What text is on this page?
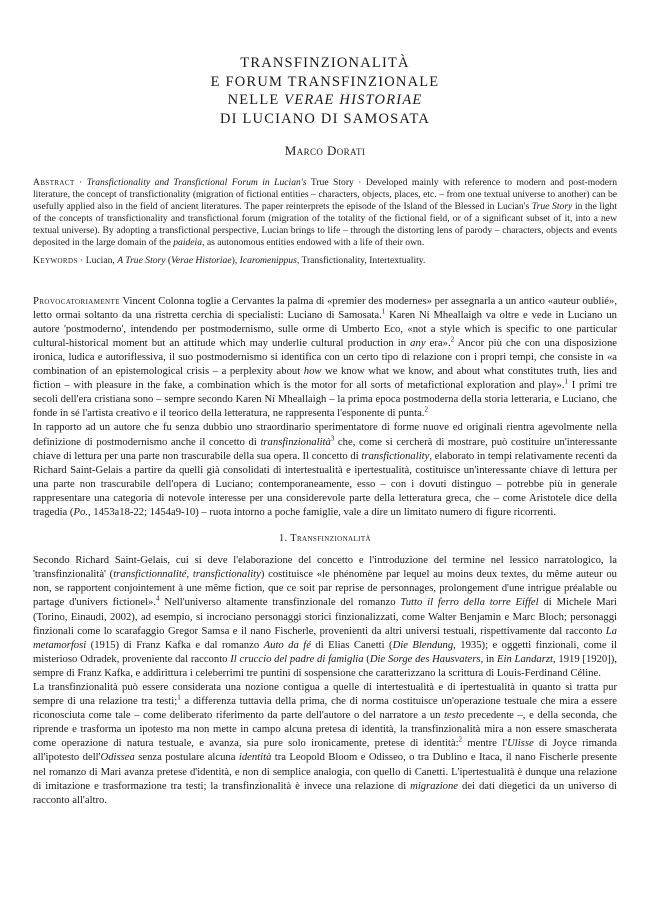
TRANSFINZIONALITÀ
E FORUM TRANSFINZIONALE
NELLE VERAE HISTORIAE
DI LUCIANO DI SAMOSATA
Marco Dorati
Abstract · Transfictionality and Transfictional Forum in Lucian's True Story · Developed mainly with reference to modern and post-modern literature, the concept of transfictionality (migration of fictional entities – characters, objects, places, etc. – from one textual universe to another) can be usefully applied also in the field of ancient literatures. The paper reinterprets the episode of the Island of the Blessed in Lucian's True Story in the light of the concepts of transfictionality and transfictional forum (migration of the totality of the fictional field, or of a significant subset of it, into a new textual universe). By adopting a transfictional perspective, Lucian brings to life – through the distorting lens of parody – characters, objects and events deposited in the large domain of the paideia, as autonomous entities endowed with a life of their own.
Keywords · Lucian, A True Story (Verae Historiae), Icaromenippus, Transfictionality, Intertextuality.

Provocatoriamente Vincent Colonna toglie a Cervantes la palma di «premier des modernes» per assegnarla a un antico «auteur oublié», letto ormai soltanto da una ristretta cerchia di specialisti: Luciano di Samosata.$^1$ Karen Ní Mheallaigh va oltre e vede in Luciano un autore 'postmoderno', intendendo per postmodernismo, sulle orme di Umberto Eco, «not a style which is specific to one particular cultural-historical moment but an attitude which may underlie cultural production in any era».$^2$ Ancor più che con una disposizione ironica, ludica e autoriflessiva, il suo postmodernismo si identifica con un certo tipo di relazione con i propri tempi, che consiste in «a combination of an epistemological crisis – a perplexity about how we know what we know, and about what constitutes truth, lies and fiction – with pleasure in the fake, a combination which is the motor for all sorts of metafictional exploration and play».$^1$ I primi tre secoli dell'era cristiana sono – sempre secondo Karen Ní Mheallaigh – la prima epoca postmoderna della storia letteraria, e Luciano, che fonde in sé l'artista creativo e il teorico della letteratura, ne rappresenta l'esponente di punta.$^2$

In rapporto ad un autore che fu senza dubbio uno straordinario sperimentatore di forme nuove ed originali rientra agevolmente nella definizione di postmodernismo anche il concetto di transfinzionalità$^3$ che, come si cercherà di mostrare, può costituire un'interessante chiave di lettura per una parte non trascurabile della sua opera. Il concetto di transfictionality, elaborato in tempi relativamente recenti da Richard Saint-Gelais a partire da quelli già consolidati di intertestualità e ipertestualità, costituisce un'interessante chiave di lettura per una parte non trascurabile dell'opera di Luciano; contemporaneamente, esso – con i dovuti distinguo – potrebbe più in generale rappresentare una categoria di notevole interesse per una considerevole parte della letteratura greca, che – come Aristotele dice della tragedia (Po., 1453a18-22; 1454a9-10) – ruota intorno a poche famiglie, vale a dire un limitato numero di figure ricorrenti.

1. Transfinzionalità

Secondo Richard Saint-Gelais, cui si deve l'elaborazione del concetto e l'introduzione del termine nel lessico narratologico, la 'transfinzionalità' (transfictionnalité, transfictionality) costituisce «le phénomène par lequel au moins deux textes, du même auteur ou non, se rapportent conjointement à une même fiction, que ce soit par reprise de personnages, prolongement d'une intrigue préalable ou partage d'univers fictionel».$^4$ Nell'universo altamente transfinzionale del romanzo Tutto il ferro della torre Eiffel di Michele Mari (Torino, Einaudi, 2002), ad esempio, si incrociano personaggi storici finzionalizzati, come Walter Benjamin e Marc Bloch; personaggi finzionali come lo scarafaggio Gregor Samsa e il nano Fischerle, provenienti da altri universi testuali, rispettivamente dal racconto La metamorfosi (1915) di Franz Kafka e dal romanzo Auto da fé di Elias Canetti (Die Blendung, 1935); e oggetti finzionali, come il misterioso Odradek, proveniente dal racconto Il cruccio del padre di famiglia (Die Sorge des Hausvaters, in Ein Landarzt, 1919 [1920]), sempre di Franz Kafka, e addirittura i celeberrimi tre puntini di sospensione che caratterizzano la scrittura di Louis-Ferdinand Céline.

La transfinzionalità può essere considerata una nozione contigua a quelle di intertestualità e di ipertestualità in quanto si tratta pur sempre di una relazione tra testi;$^1$ a differenza tuttavia della prima, che di norma costituisce un'operazione testuale che mira a essere riconosciuta come tale – come deliberato riferimento da parte dell'autore o del narratore a un testo precedente –, e della seconda, che riprende e trasforma un ipotesto ma non mette in campo alcuna pretesa di identità, la transfinzionalità mira a non essere smascherata come operazione di natura testuale, e avanza, sia pure solo ironicamente, pretese di identità:$^2$ mentre l'Ulisse di Joyce rimanda all'ipotesto dell'Odissea senza postulare alcuna identità tra Leopold Bloom e Odisseo, o tra Dublino e Itaca, il nano Fischerle presente nel romanzo di Mari avanza pretese d'identità, e non di semplice analogia, con quello di Canetti. L'ipertestualità è dunque una relazione di imitazione e trasformazione tra testi; la transfinzionalità è invece una relazione di migrazione dei dati diegetici da un universo di racconto all'altro.
